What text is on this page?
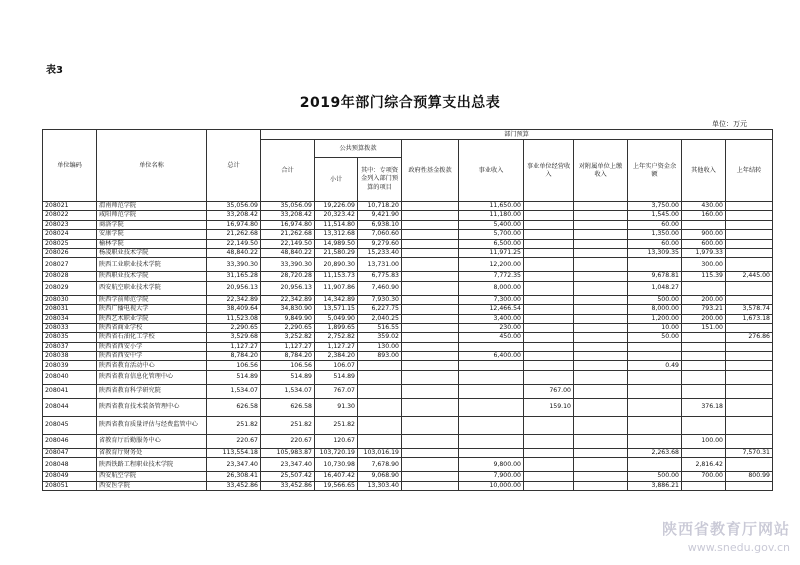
表3
2019年部门综合预算支出总表
单位：万元
单位编码	单位名称	总计	部门预算									
			合计	公共预算拨款		政府性基金拨款	事业收入	事业单位经营收入	对附属单位上缴收入	上年实户资金余额	其他收入	上年结转
				小计	其中：专项资金列入部门预算的项目							
208021	渭南师范学院	35,056.09	35,056.09	19,226.09	10,718.20		11,650.00			3,750.00	430.00	
208022	咸阳师范学院	33,208.42	33,208.42	20,323.42	9,421.90		11,180.00			1,545.00	160.00	
208023	商洛学院	16,974.80	16,974.80	11,514.80	6,938.10		5,400.00			60.00		
208024	安康学院	21,262.68	21,262.68	13,312.68	7,060.60		5,700.00			1,350.00	900.00	
208025	榆林学院	22,149.50	22,149.50	14,989.50	9,279.60		6,500.00			60.00	600.00	
208026	杨凌职业技术学院	48,840.22	48,840.22	21,580.29	15,233.40		11,971.25			13,309.35	1,979.33	
208027	陕西工业职业技术学院	33,390.30	33,390.30	20,890.30	13,731.00		12,200.00				300.00	
208028	陕西职业技术学院	31,165.28	28,720.28	11,153.73	6,775.83		7,772.35			9,678.81	115.39	2,445.00
208029	西安航空职业技术学院	20,956.13	20,956.13	11,907.86	7,460.90		8,000.00			1,048.27		
208030	陕西学前师范学院	22,342.89	22,342.89	14,342.89	7,930.30		7,300.00			500.00	200.00	
208031	陕西广播电视大学	38,409.64	34,830.90	13,571.15	6,227.75		12,466.54			8,000.00	793.21	3,578.74
208034	陕西艺术职业学院	11,523.08	9,849.90	5,049.90	2,040.25		3,400.00			1,200.00	200.00	1,673.18
208033	陕西省商业学校	2,290.65	2,290.65	1,899.65	516.55		230.00			10.00	151.00	
208035	陕西省石油化工学校	3,529.68	3,252.82	2,752.82	359.02		450.00			50.00		276.86
208037	陕西省西安小学	1,127.27	1,127.27	1,127.27	130.00							
208038	陕西省西安中学	8,784.20	8,784.20	2,384.20	893.00		6,400.00					
208039	陕西省教育活动中心	106.56	106.56	106.07						0.49		
208040	陕西省教育信息化管理中心	514.89	514.89	514.89								
208041	陕西省教育科学研究院	1,534.07	1,534.07	767.07				767.00				
208044	陕西省教育技术装备管理中心	626.58	626.58	91.30				159.10			376.18	
208045	陕西省教育质量评估与经费监管中心	251.82	251.82	251.82								
208046	省教育厅后勤服务中心	220.67	220.67	120.67							100.00	
208047	省教育厅财务处	113,554.18	105,983.87	103,720.19	103,016.19					2,263.68		7,570.31
208048	陕西铁路工程职业技术学院	23,347.40	23,347.40	10,730.98	7,678.90		9,800.00				2,816.42	
208049	西安航空学院	26,308.41	25,507.42	16,407.42	9,068.90		7,900.00			500.00	700.00	800.99
208051	西安医学院	33,452.86	33,452.86	19,566.65	13,303.40		10,000.00			3,886.21		
陕西省教育厅网站
www.snedu.gov.cn
